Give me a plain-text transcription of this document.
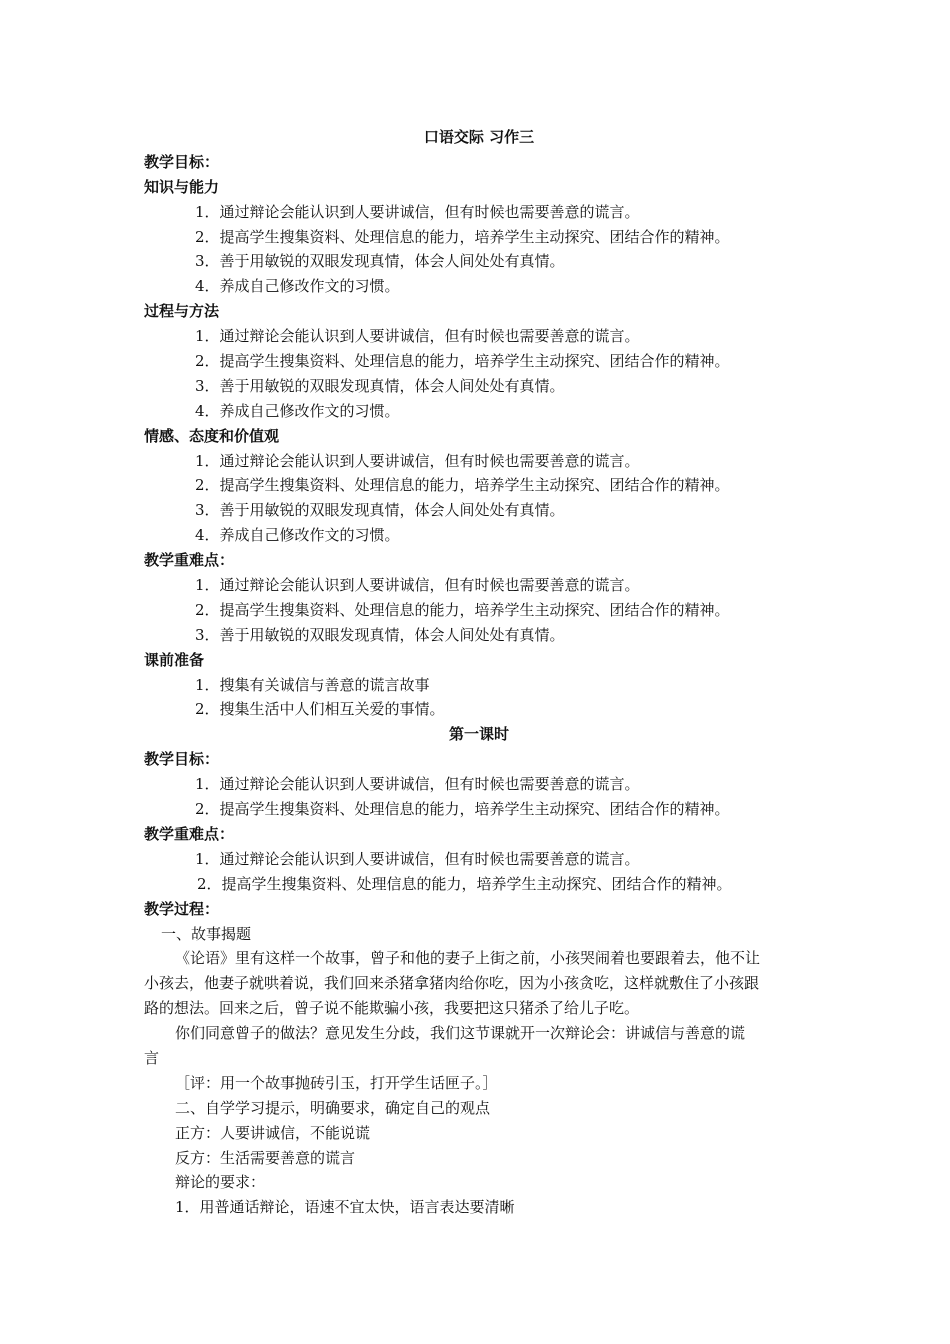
口语交际 习作三
教学目标：
知识与能力
1．通过辩论会能认识到人要讲诚信，但有时候也需要善意的谎言。
2．提高学生搜集资料、处理信息的能力，培养学生主动探究、团结合作的精神。
3．善于用敏锐的双眼发现真情，体会人间处处有真情。
4．养成自己修改作文的习惯。
过程与方法
1．通过辩论会能认识到人要讲诚信，但有时候也需要善意的谎言。
2．提高学生搜集资料、处理信息的能力，培养学生主动探究、团结合作的精神。
3．善于用敏锐的双眼发现真情，体会人间处处有真情。
4．养成自己修改作文的习惯。
情感、态度和价值观
1．通过辩论会能认识到人要讲诚信，但有时候也需要善意的谎言。
2．提高学生搜集资料、处理信息的能力，培养学生主动探究、团结合作的精神。
3．善于用敏锐的双眼发现真情，体会人间处处有真情。
4．养成自己修改作文的习惯。
教学重难点：
1．通过辩论会能认识到人要讲诚信，但有时候也需要善意的谎言。
2．提高学生搜集资料、处理信息的能力，培养学生主动探究、团结合作的精神。
3．善于用敏锐的双眼发现真情，体会人间处处有真情。
课前准备
1．搜集有关诚信与善意的谎言故事
2．搜集生活中人们相互关爱的事情。
第一课时
教学目标：
1．通过辩论会能认识到人要讲诚信，但有时候也需要善意的谎言。
2．提高学生搜集资料、处理信息的能力，培养学生主动探究、团结合作的精神。
教学重难点：
1．通过辩论会能认识到人要讲诚信，但有时候也需要善意的谎言。
2．提高学生搜集资料、处理信息的能力，培养学生主动探究、团结合作的精神。
教学过程：
一、故事揭题
《论语》里有这样一个故事，曾子和他的妻子上街之前，小孩哭闹着也要跟着去，他不让
小孩去，他妻子就哄着说，我们回来杀猪拿猪肉给你吃，因为小孩贪吃，这样就敷住了小孩跟
路的想法。回来之后，曾子说不能欺骗小孩，我要把这只猪杀了给儿子吃。
你们同意曾子的做法？意见发生分歧，我们这节课就开一次辩论会：讲诚信与善意的谎
言
［评：用一个故事抛砖引玉，打开学生话匣子。］
二、自学学习提示，明确要求，确定自己的观点
正方：人要讲诚信，不能说谎
反方：生活需要善意的谎言
辩论的要求：
1．用普通话辩论，语速不宜太快，语言表达要清晰
